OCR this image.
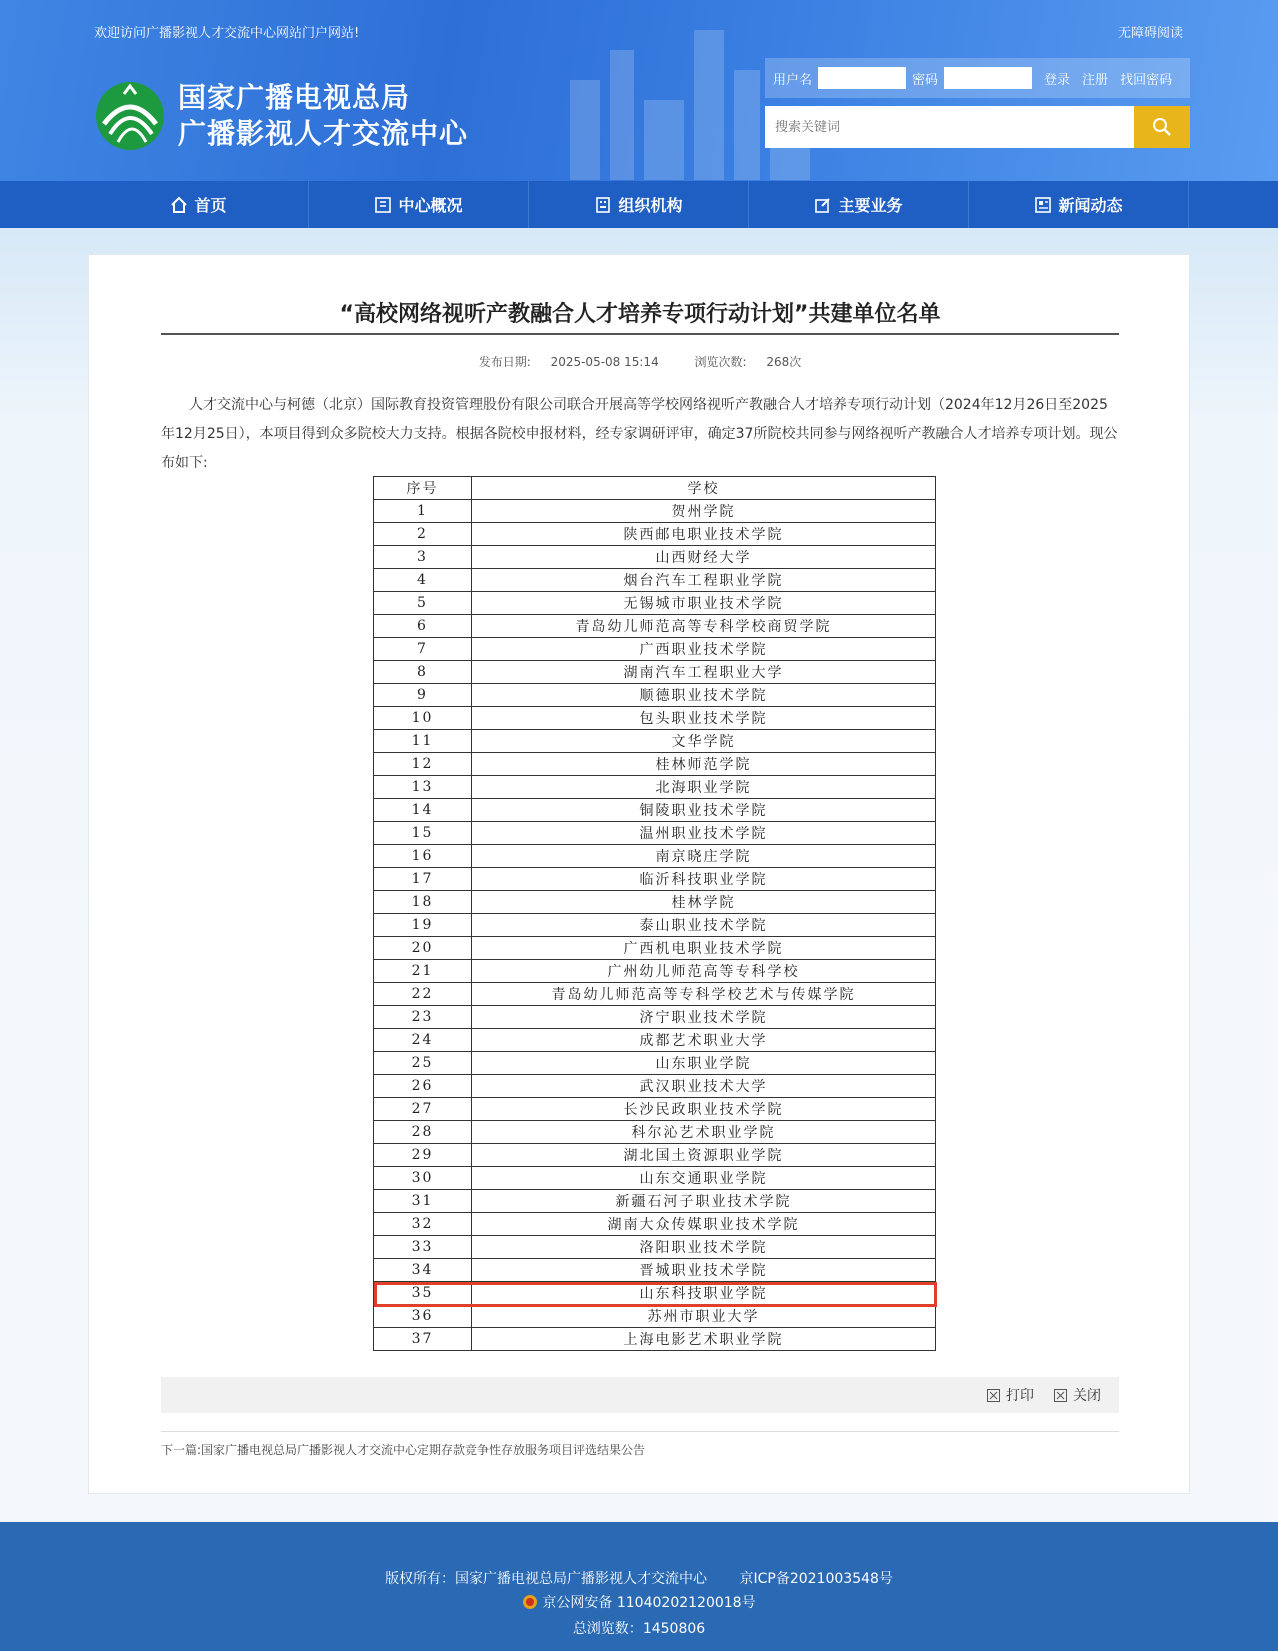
欢迎访问广播影视人才交流中心网站门户网站!	无障碍阅读
国家广播电视总局
广播影视人才交流中心
用户名	密码	登录 注册 找回密码
搜索关键词
首页	中心概况	组织机构	主要业务	新闻动态
“高校网络视听产教融合人才培养专项行动计划”共建单位名单
发布日期: 2025-05-08 15:14	浏览次数: 268次
人才交流中心与柯德（北京）国际教育投资管理股份有限公司联合开展高等学校网络视听产教融合人才培养专项行动计划（2024年12月26日至2025年12月25日），本项目得到众多院校大力支持。根据各院校申报材料，经专家调研评审，确定37所院校共同参与网络视听产教融合人才培养专项计划。现公布如下:
序号	学校
1	贺州学院
2	陕西邮电职业技术学院
3	山西财经大学
4	烟台汽车工程职业学院
5	无锡城市职业技术学院
6	青岛幼儿师范高等专科学校商贸学院
7	广西职业技术学院
8	湖南汽车工程职业大学
9	顺德职业技术学院
10	包头职业技术学院
11	文华学院
12	桂林师范学院
13	北海职业学院
14	铜陵职业技术学院
15	温州职业技术学院
16	南京晓庄学院
17	临沂科技职业学院
18	桂林学院
19	泰山职业技术学院
20	广西机电职业技术学院
21	广州幼儿师范高等专科学校
22	青岛幼儿师范高等专科学校艺术与传媒学院
23	济宁职业技术学院
24	成都艺术职业大学
25	山东职业学院
26	武汉职业技术大学
27	长沙民政职业技术学院
28	科尔沁艺术职业学院
29	湖北国土资源职业学院
30	山东交通职业学院
31	新疆石河子职业技术学院
32	湖南大众传媒职业技术学院
33	洛阳职业技术学院
34	晋城职业技术学院
35	山东科技职业学院
36	苏州市职业大学
37	上海电影艺术职业学院
打印	关闭
下一篇:国家广播电视总局广播影视人才交流中心定期存款竞争性存放服务项目评选结果公告
版权所有：国家广播电视总局广播影视人才交流中心 京ICP备2021003548号
京公网安备 11040202120018号
总浏览数：1450806
